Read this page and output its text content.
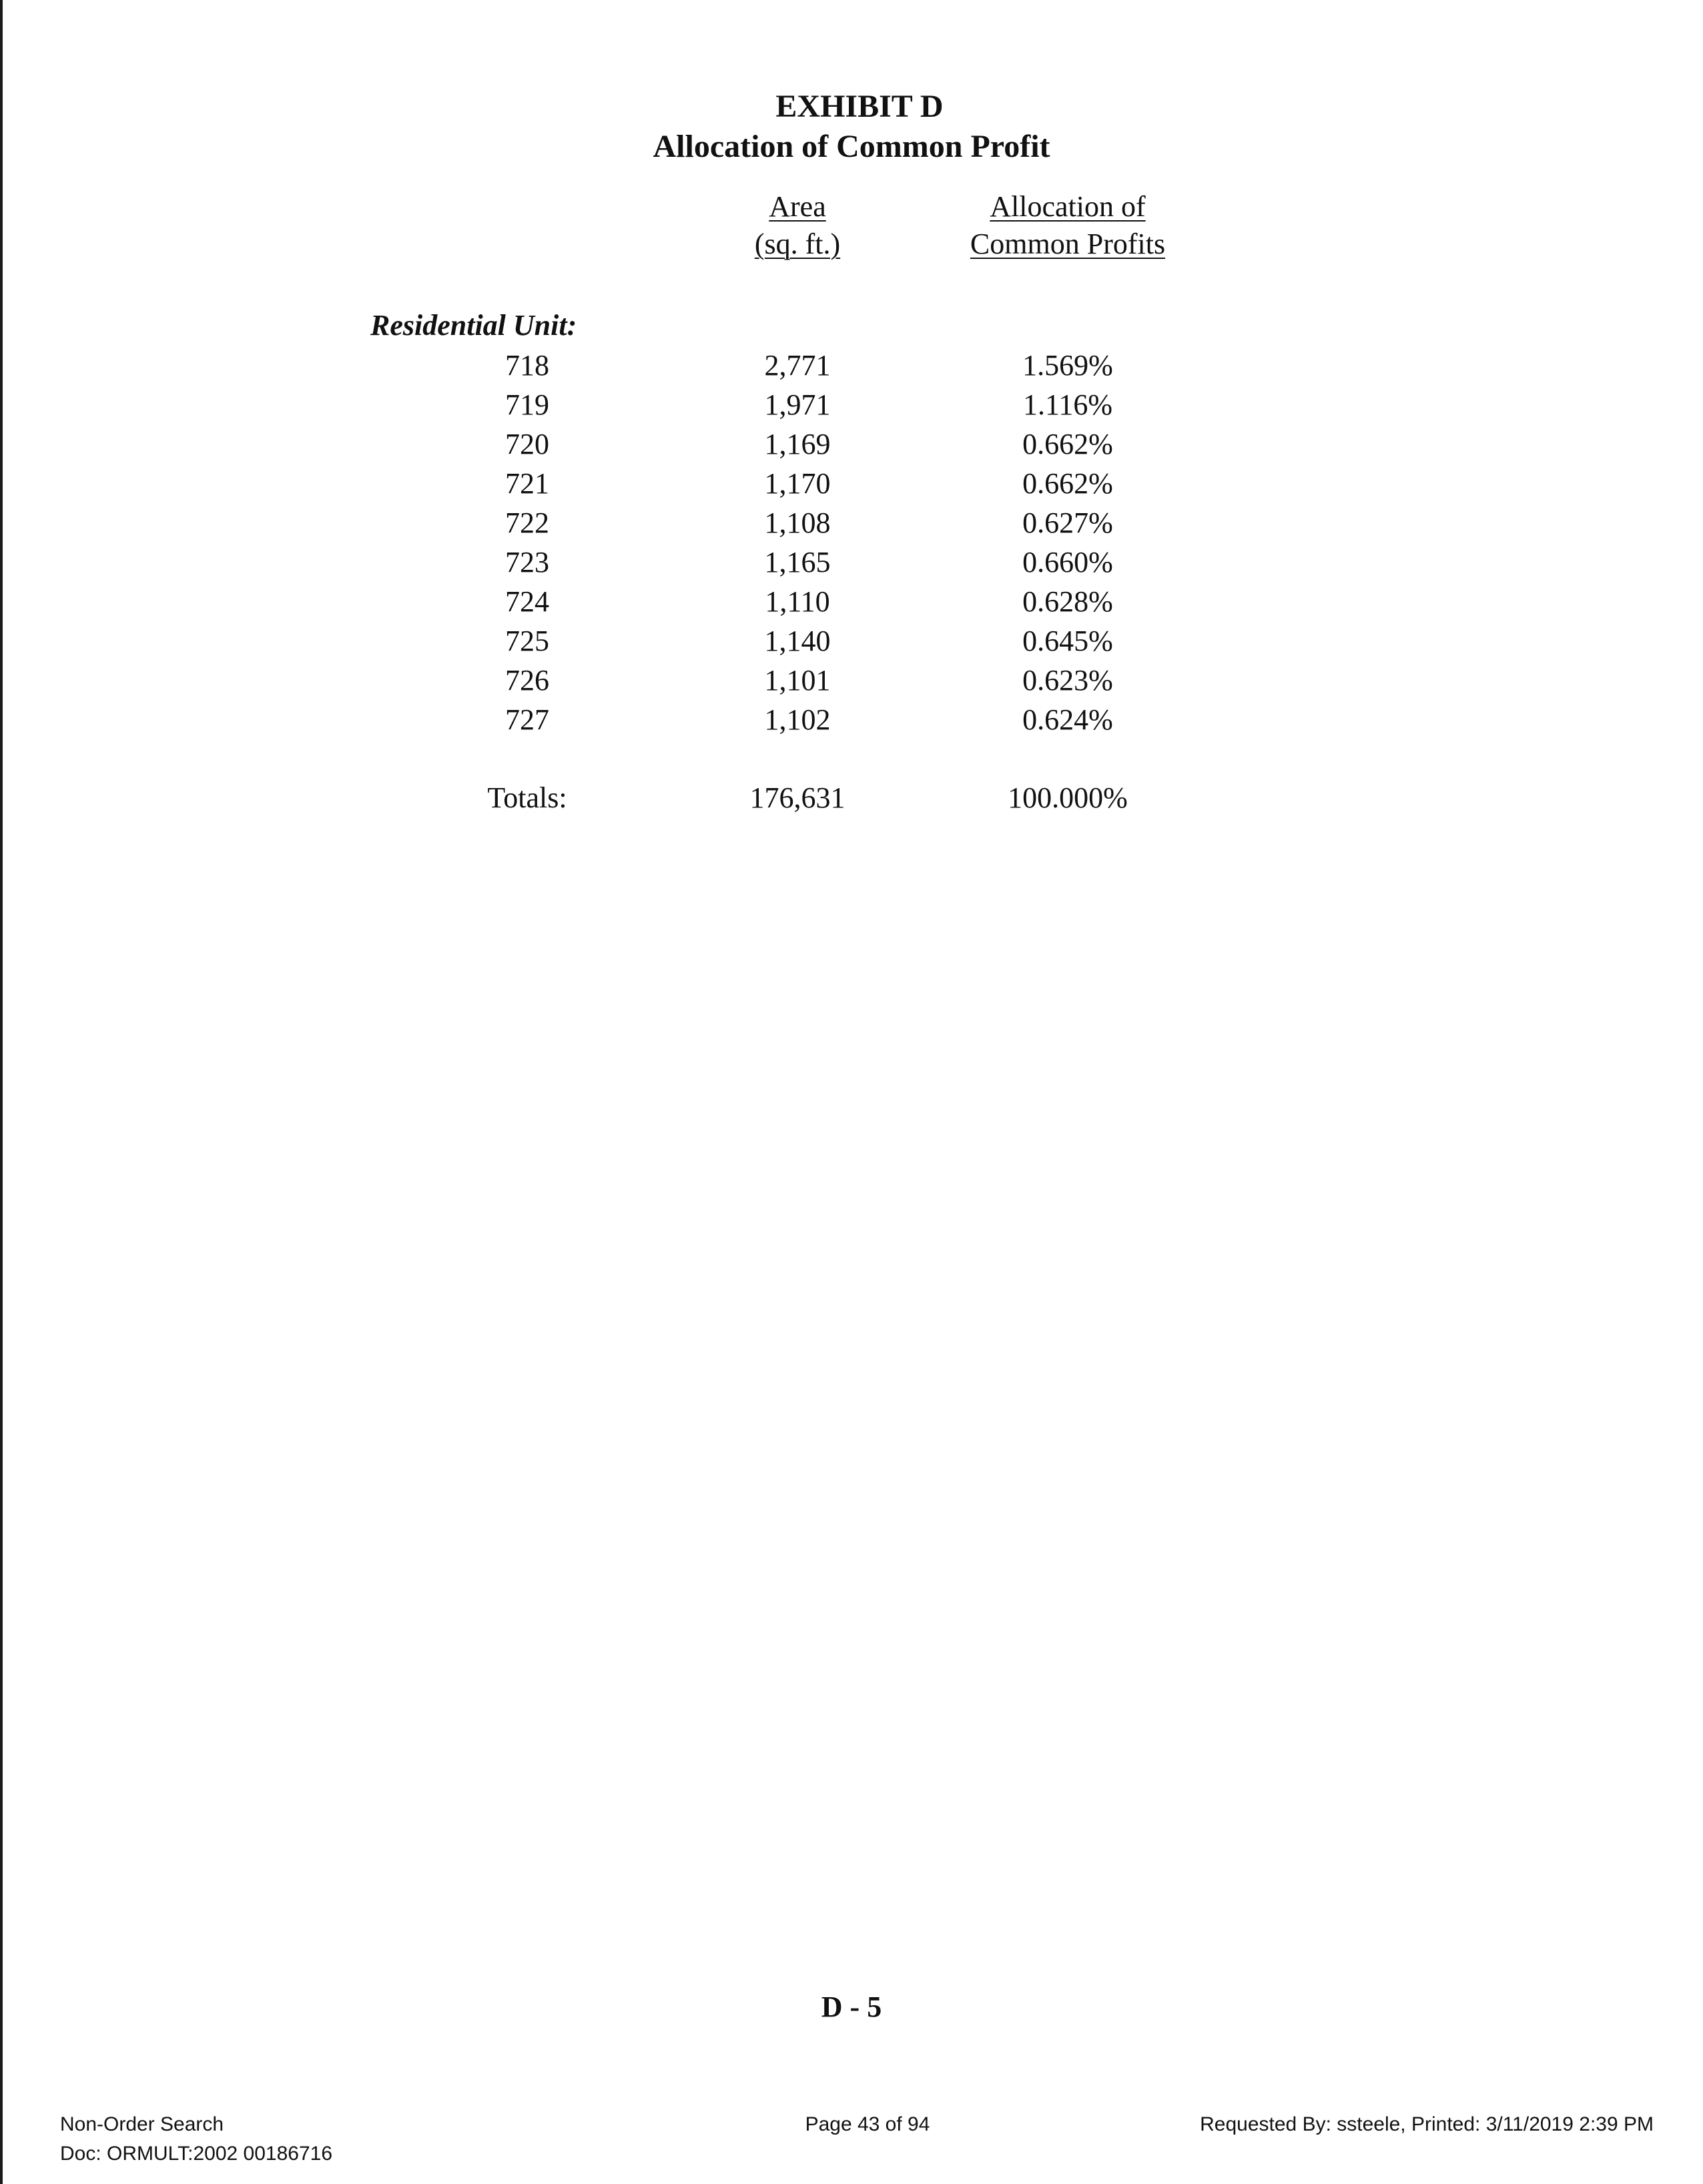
EXHIBIT D
Allocation of Common Profit
Area
(sq. ft.)
Allocation of
Common Profits
Residential Unit:
718	2,771	1.569%
719	1,971	1.116%
720	1,169	0.662%
721	1,170	0.662%
722	1,108	0.627%
723	1,165	0.660%
724	1,110	0.628%
725	1,140	0.645%
726	1,101	0.623%
727	1,102	0.624%
Totals:	176,631	100.000%
D - 5
Non-Order Search
Doc: ORMULT:2002 00186716
Page 43 of 94	Requested By: ssteele, Printed: 3/11/2019 2:39 PM
